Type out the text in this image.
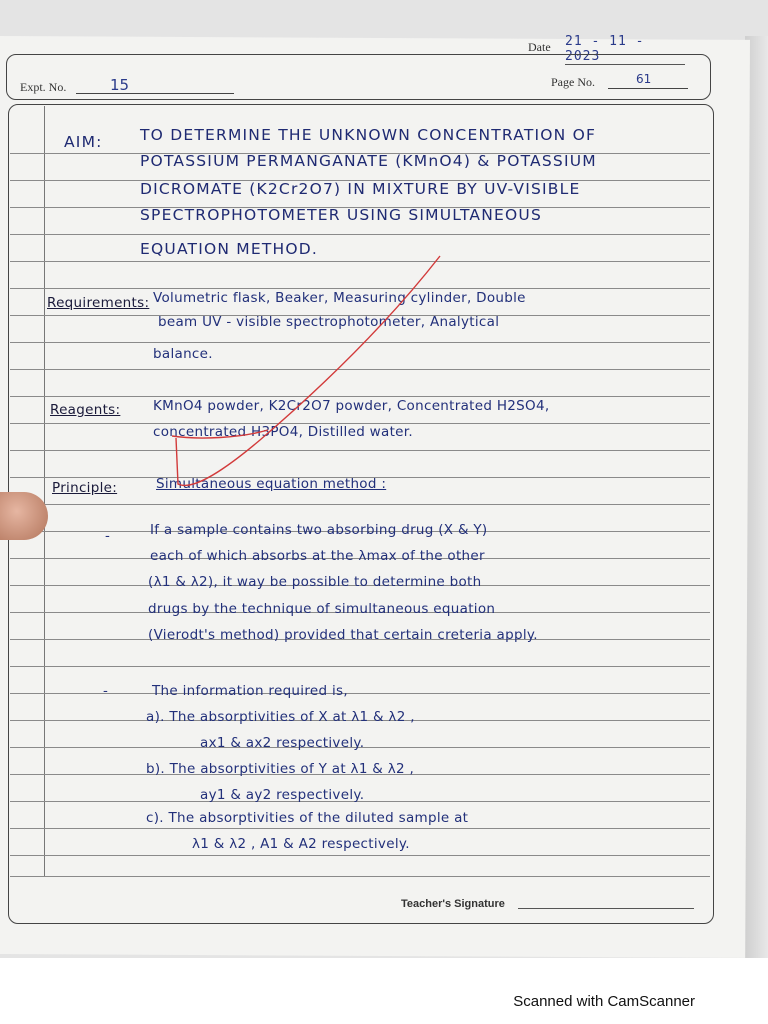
Date 21 - 11 - 2023
Expt. No.	15	Page No.	61
AIM: TO DETERMINE THE UNKNOWN CONCENTRATION OF
POTASSIUM PERMANGANATE (KMnO4) & POTASSIUM
DICROMATE (K2Cr2O7) IN MIXTURE BY UV-VISIBLE
SPECTROPHOTOMETER USING SIMULTANEOUS
EQUATION METHOD.
Requirements: Volumetric flask, Beaker, Measuring cylinder, Double
beam UV - visible spectrophotometer, Analytical
balance.
Reagents: KMnO4 powder, K2Cr2O7 powder, Concentrated H2SO4,
concentrated H3PO4, Distilled water.
Principle:	Simultaneous equation method :
-	If a sample contains two absorbing drug (X & Y)
each of which absorbs at the λmax of the other
(λ1 & λ2), it way be possible to determine both
drugs by the technique of simultaneous equation
(Vierodt's method) provided that certain creteria apply.
-	The information required is,
a). The absorptivities of X at λ1 & λ2 ,
ax1 & ax2 respectively.
b). The absorptivities of Y at λ1 & λ2 ,
ay1 & ay2 respectively.
c). The absorptivities of the diluted sample at
λ1 & λ2 , A1 & A2 respectively.
Teacher's Signature
Scanned with CamScanner
